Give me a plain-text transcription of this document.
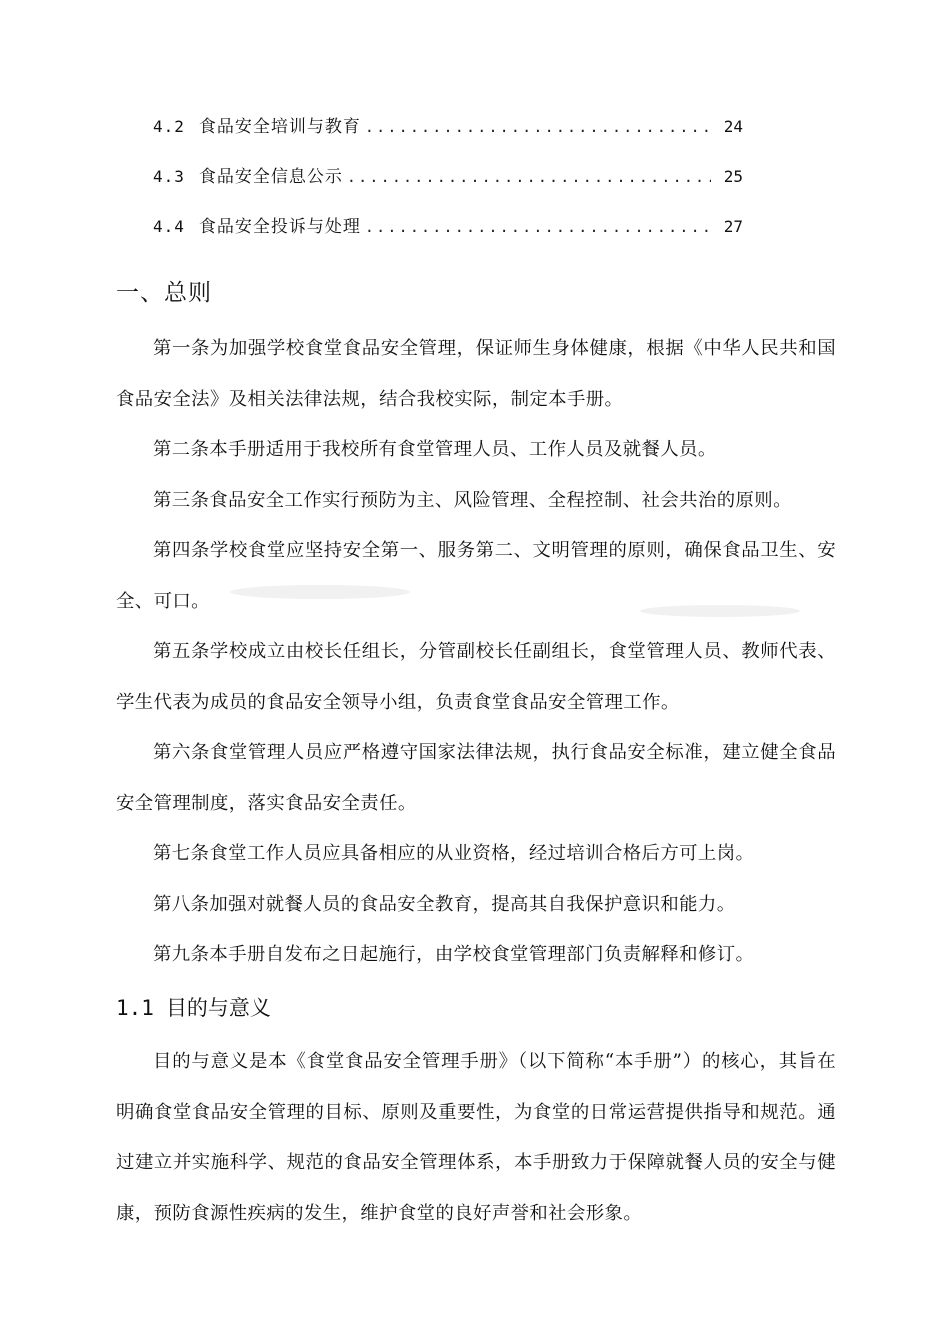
4.2 食品安全培训与教育 .....	24
4.3 食品安全信息公示 .....	25
4.4 食品安全投诉与处理 .....	27
一、总则

第一条为加强学校食堂食品安全管理，保证师生身体健康，根据《中华人民共和国食品安全法》及相关法律法规，结合我校实际，制定本手册。

第二条本手册适用于我校所有食堂管理人员、工作人员及就餐人员。

第三条食品安全工作实行预防为主、风险管理、全程控制、社会共治的原则。

第四条学校食堂应坚持安全第一、服务第二、文明管理的原则，确保食品卫生、安全、可口。

第五条学校成立由校长任组长，分管副校长任副组长，食堂管理人员、教师代表、学生代表为成员的食品安全领导小组，负责食堂食品安全管理工作。

第六条食堂管理人员应严格遵守国家法律法规，执行食品安全标准，建立健全食品安全管理制度，落实食品安全责任。

第七条食堂工作人员应具备相应的从业资格，经过培训合格后方可上岗。

第八条加强对就餐人员的食品安全教育，提高其自我保护意识和能力。

第九条本手册自发布之日起施行，由学校食堂管理部门负责解释和修订。

1.1 目的与意义

目的与意义是本《食堂食品安全管理手册》（以下简称“本手册”）的核心，其旨在明确食堂食品安全管理的目标、原则及重要性，为食堂的日常运营提供指导和规范。通过建立并实施科学、规范的食品安全管理体系，本手册致力于保障就餐人员的安全与健康，预防食源性疾病的发生，维护食堂的良好声誉和社会形象。
